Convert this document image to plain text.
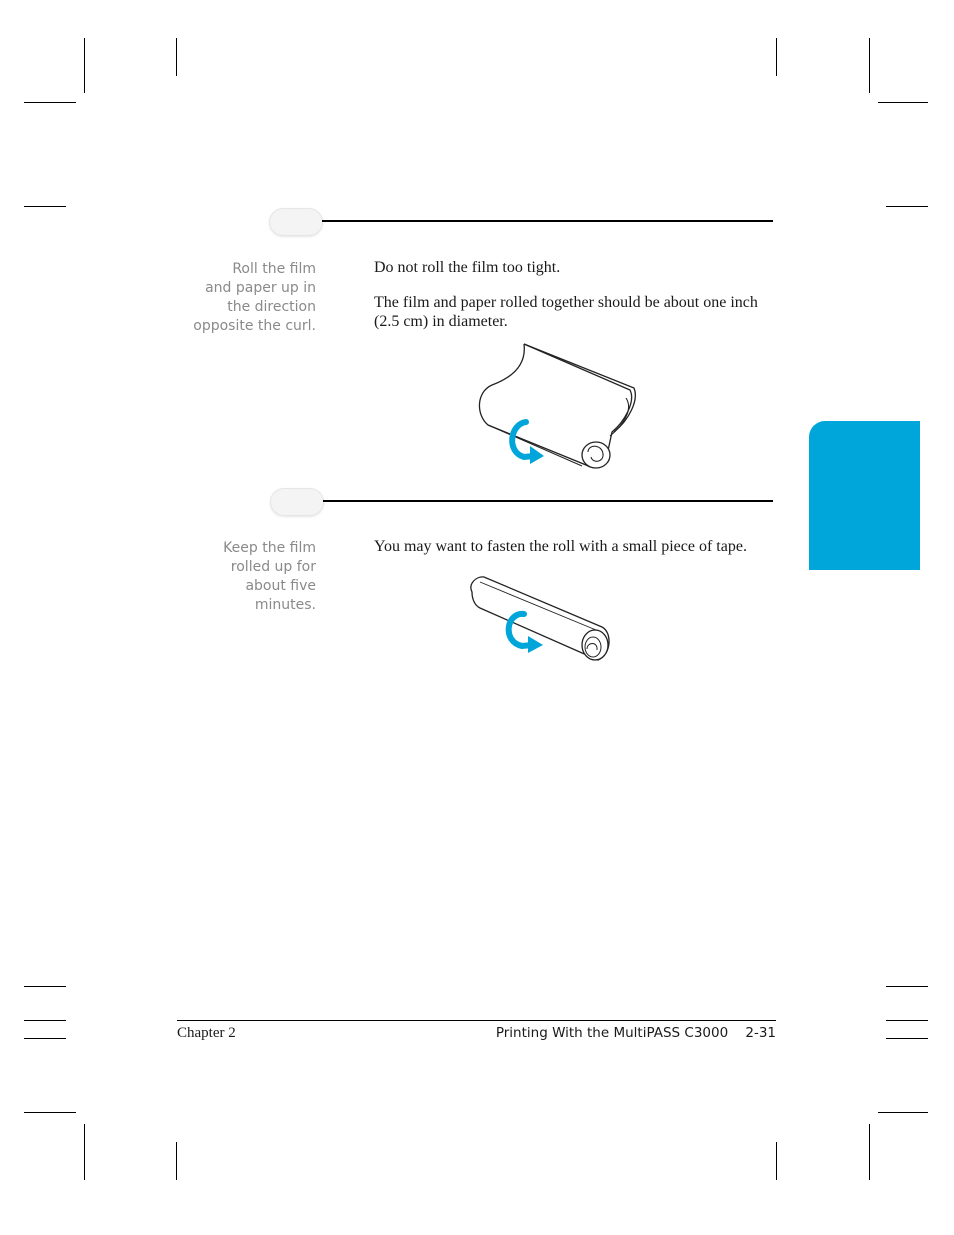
Roll the film
and paper up in
the direction
opposite the curl.

Do not roll the film too tight.

The film and paper rolled together should be about one inch (2.5 cm) in diameter.

Keep the film
rolled up for
about five
minutes.

You may want to fasten the roll with a small piece of tape.

Chapter 2	Printing With the MultiPASS C3000 2-31
